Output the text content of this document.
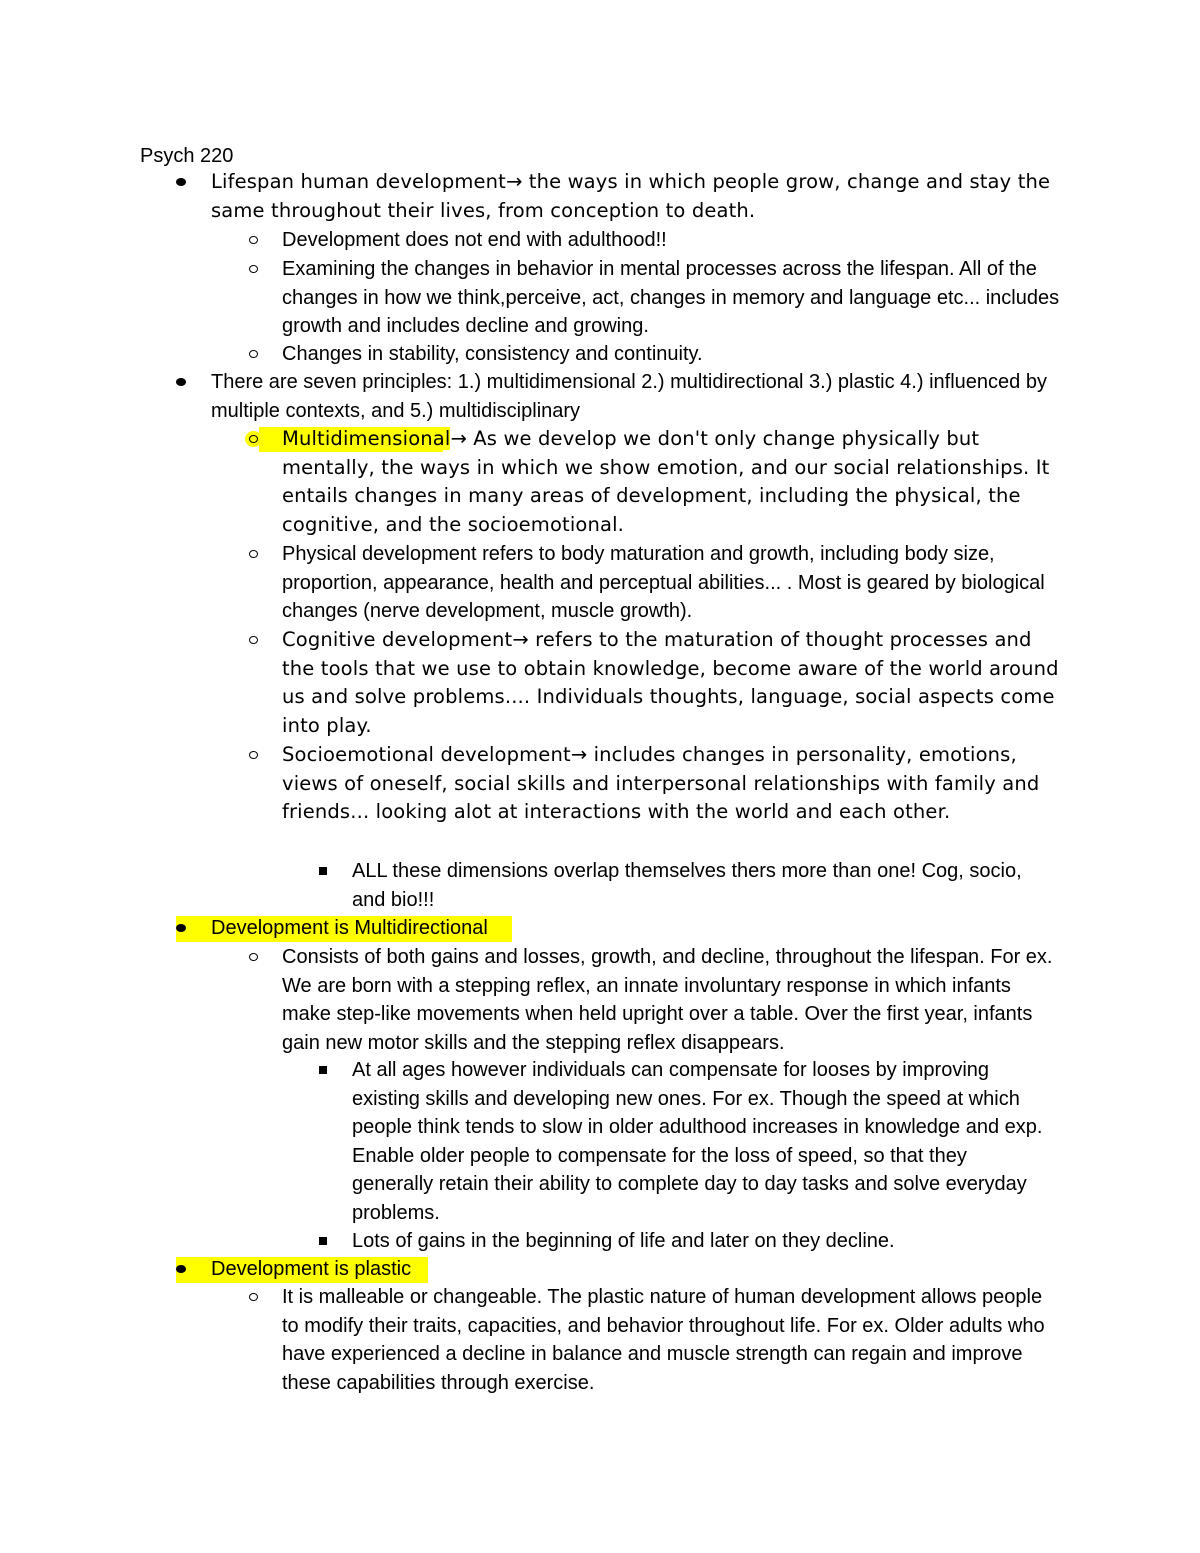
Psych 220
Lifespan human development→ the ways in which people grow, change and stay the same throughout their lives, from conception to death.
Development does not end with adulthood!!
Examining the changes in behavior in mental processes across the lifespan. All of the changes in how we think,perceive, act, changes in memory and language etc... includes growth and includes decline and growing.
Changes in stability, consistency and continuity.
There are seven principles: 1.) multidimensional 2.) multidirectional 3.) plastic 4.) influenced by multiple contexts, and 5.) multidisciplinary
Multidimensional→ As we develop we don't only change physically but mentally, the ways in which we show emotion, and our social relationships. It entails changes in many areas of development, including the physical, the cognitive, and the socioemotional.
Physical development refers to body maturation and growth, including body size, proportion, appearance, health and perceptual abilities... . Most is geared by biological changes (nerve development, muscle growth).
Cognitive development→ refers to the maturation of thought processes and the tools that we use to obtain knowledge, become aware of the world around us and solve problems.... Individuals thoughts, language, social aspects come into play.
Socioemotional development→ includes changes in personality, emotions, views of oneself, social skills and interpersonal relationships with family and friends... looking alot at interactions with the world and each other.
ALL these dimensions overlap themselves thers more than one! Cog, socio, and bio!!!
Development is Multidirectional
Consists of both gains and losses, growth, and decline, throughout the lifespan. For ex. We are born with a stepping reflex, an innate involuntary response in which infants make step-like movements when held upright over a table. Over the first year, infants gain new motor skills and the stepping reflex disappears.
At all ages however individuals can compensate for looses by improving existing skills and developing new ones. For ex. Though the speed at which people think tends to slow in older adulthood increases in knowledge and exp. Enable older people to compensate for the loss of speed, so that they generally retain their ability to complete day to day tasks and solve everyday problems.
Lots of gains in the beginning of life and later on they decline.
Development is plastic
It is malleable or changeable. The plastic nature of human development allows people to modify their traits, capacities, and behavior throughout life. For ex. Older adults who have experienced a decline in balance and muscle strength can regain and improve these capabilities through exercise.
